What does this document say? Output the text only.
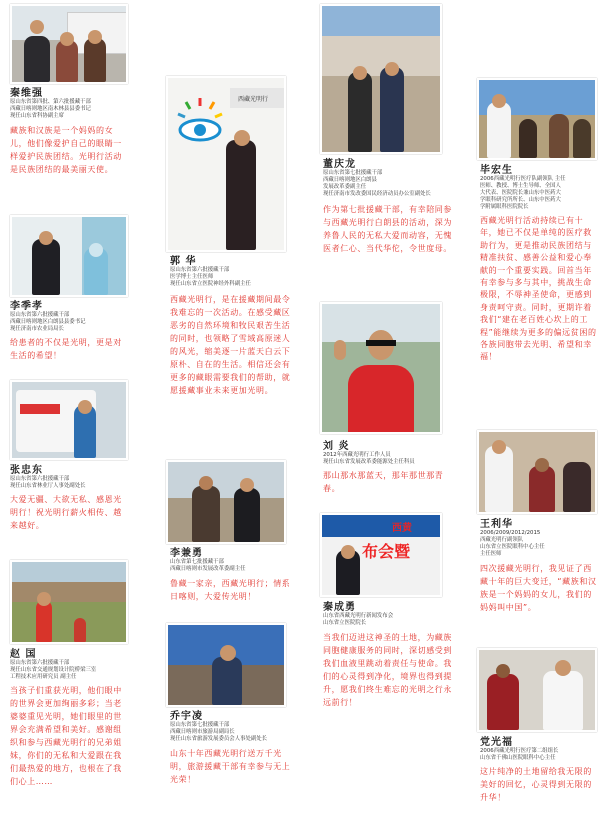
秦维强
原山东省第四批、第六批援藏干部
西藏日喀则地区南木林县县委书记
现任山东省科协副主席
藏族和汉族是一个妈妈的女儿，他们像爱护自己的眼睛一样爱护民族团结。光明行活动是民族团结的最美丽天使。
李季孝
原山东省第六批援藏干部
西藏日喀则地区白朗县县委书记
现任济南市农业局局长
给患者的不仅是光明，更是对生活的希望！
张忠东
原山东省第六批援藏干部
现任山东省林业厅人事处副处长
大爱无疆、大欲无私、感恩光明行！祝光明行薪火相传、越来越好。
赵 国
原山东省第六批援藏干部
现任山东省交通规划设计院桥梁三室
工程技术应用研究员 副主任
当孩子们重获光明，他们眼中的世界会更加绚丽多彩；当老婆婆重见光明，她们眼里的世界会充满希望和美好。感谢组织和参与西藏光明行的兄弟姐妹，你们的无私和大爱跟在我们最热爱的地方，也根在了我们心上……
西藏光明行
郭 华
原山东省第六批援藏干部
医学博士主任医师
现任山东省立医院神经外科副主任
西藏光明行，是在援藏期间最令我难忘的一次活动。在感受藏区恶劣的自然环境和牧民艰苦生活的同时，也领略了雪域高原迷人的风光，缩美逐一片蓝天白云下原朴、自在的生活。相信还会有更多的藏眼需要我们的帮助，就愿援藏事业未来更加光明。
李兼勇
山东省第七批援藏干部
西藏日喀则市发展改革委副主任
鲁藏一家亲，西藏光明行；情系日喀则，大爱传光明！
乔宇凌
原山东省第七批援藏干部
西藏日喀则市旅游局副局长
现任山东省旅游发展委员会人事处副处长
山东十年西藏光明行送万千光明，旅游援藏干部有幸参与无上光荣！
董庆龙
原山东省第七批援藏干部
西藏日喀则地区白朗县
发展改革委副主任
现任济南市发改委国民经济动员办公室副处长
作为第七批援藏干部，有幸陪同参与西藏光明行白朗县的活动，深为养鲁人民的无私大爱而动容，无愧医者仁心、当代华佗，令世度母。
刘 炎
2012年西藏光明行工作人员
现任山东省发展改革委能源处主任科员
那山那水那蓝天，那年那世那青春。
西黄
布会暨
秦成勇
山东省西藏光明行新闻发布会
山东省立医院院长
当我们迈进这神圣的土地，为藏族同胞健康服务的同时，深切感受到我们血液里跳动着责任与使命。我们的心灵得到净化，境界也得到提升，愿我们终生难忘的光明之行永远前行！
毕宏生
2006西藏光明行医疗队副领队 主任
医师、教授、博士生导师、全国人
大代表、医院院长兼山东中医药大
学眼科研究所所长、山东中医药大
学附属眼科医院院长
西藏光明行活动持续已有十年，她已不仅是单纯的医疗救助行为，更是推动民族团结与精准扶贫、感善公益和爱心奉献的一个重要实践。回首当年有幸参与多与其中，挑战生命极限，不辱神圣使命，更感到身责呵守责。同时，更期许着我们“建在老百姓心坎上的工程”能继续为更多的偏远贫困的各族同胞带去光明、希望和幸福！
王利华
2006/2009/2012/2015
西藏光明行副领队
山东省立医院眼科中心主任
主任医师
四次援藏光明行，我见证了西藏十年的巨大变迁，“藏族和汉族是一个妈妈的女儿，我们的妈妈叫中国”。
党光福
2006西藏光明行医疗第二组组长
山东省千佛山医院眼科中心主任
这片纯净的土地留给我无限的美好的回忆，心灵得到无限的升华！
